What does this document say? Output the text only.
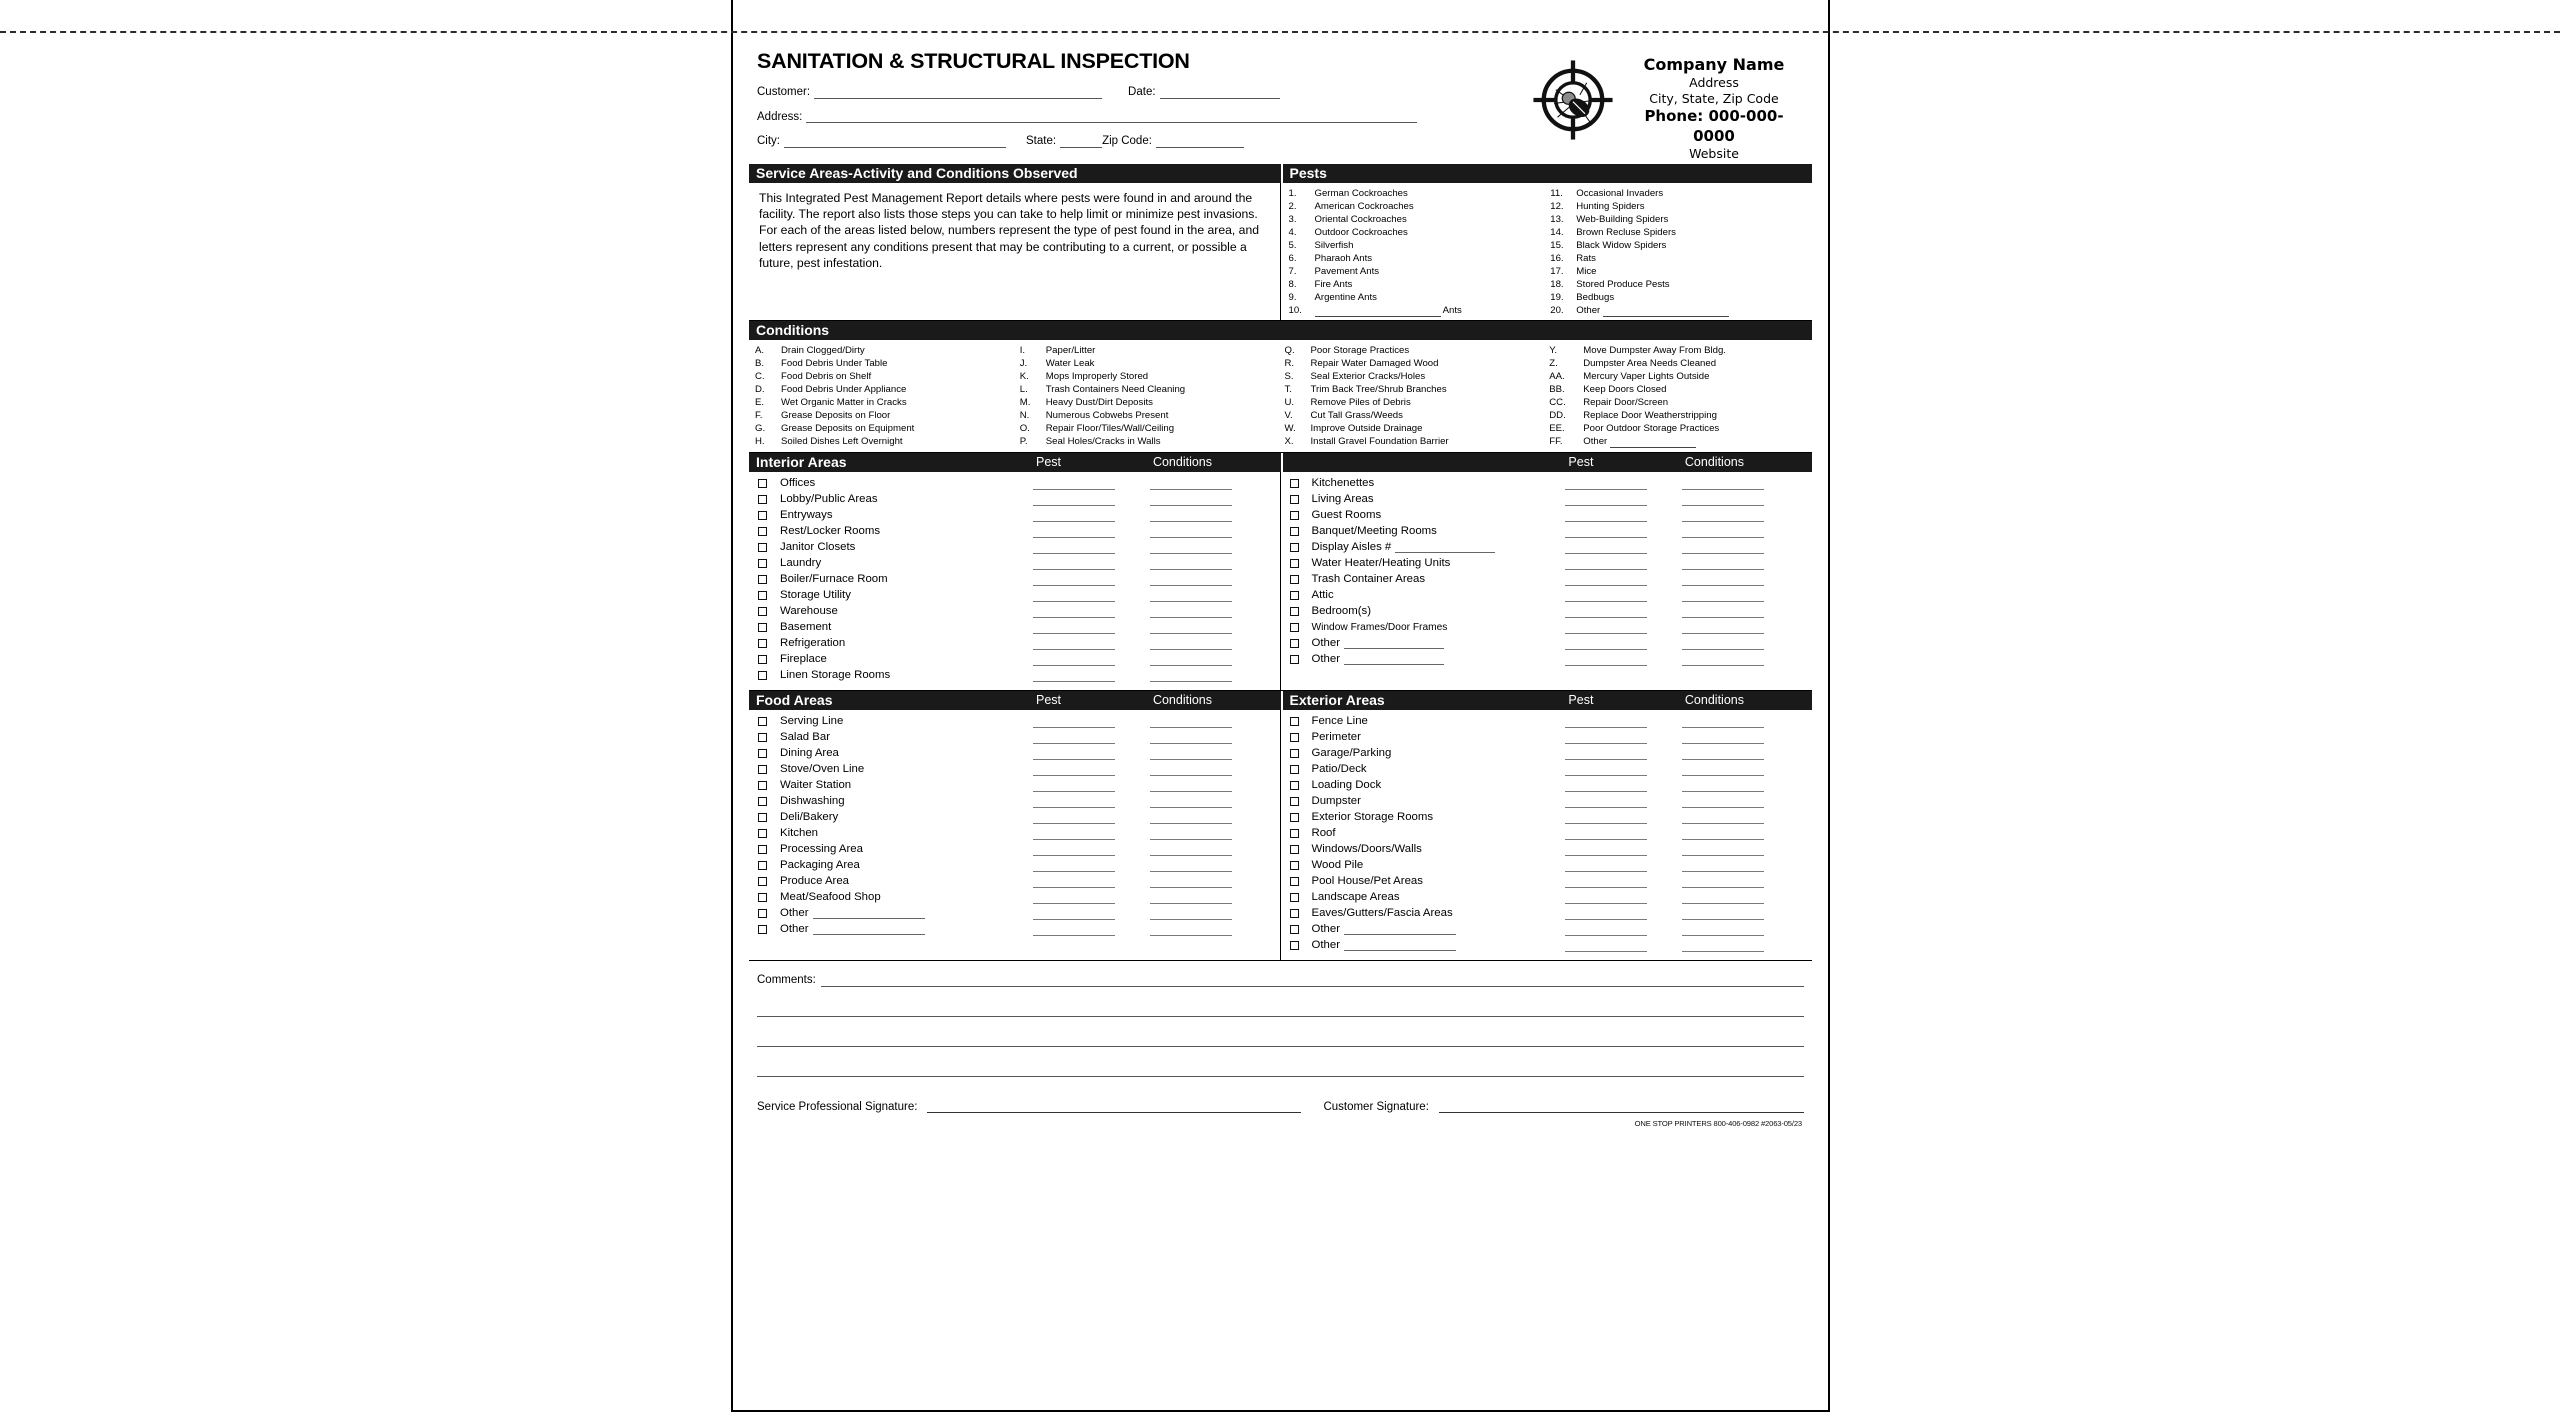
SANITATION & STRUCTURAL INSPECTION
Customer:	Date:
Address:
City:	State:	Zip Code:
Company Name
Address
City, State, Zip Code
Phone: 000-000-0000
Website
Service Areas-Activity and Conditions Observed	Pests
This Integrated Pest Management Report details where pests were found in and around the facility. The report also lists those steps you can take to help limit or minimize pest invasions. For each of the areas listed below, numbers represent the type of pest found in the area, and letters represent any conditions present that may be contributing to a current, or possible a future, pest infestation.
1.	German Cockroaches
2.	American Cockroaches
3.	Oriental Cockroaches
4.	Outdoor Cockroaches
5.	Silverfish
6.	Pharaoh Ants
7.	Pavement Ants
8.	Fire Ants
9.	Argentine Ants
10.	Ants
11.	Occasional Invaders
12.	Hunting Spiders
13.	Web-Building Spiders
14.	Brown Recluse Spiders
15.	Black Widow Spiders
16.	Rats
17.	Mice
18.	Stored Produce Pests
19.	Bedbugs
20.	Other
Conditions
A.	Drain Clogged/Dirty
B.	Food Debris Under Table
C.	Food Debris on Shelf
D.	Food Debris Under Appliance
E.	Wet Organic Matter in Cracks
F.	Grease Deposits on Floor
G.	Grease Deposits on Equipment
H.	Soiled Dishes Left Overnight
I.	Paper/Litter
J.	Water Leak
K.	Mops Improperly Stored
L.	Trash Containers Need Cleaning
M.	Heavy Dust/Dirt Deposits
N.	Numerous Cobwebs Present
O.	Repair Floor/Tiles/Wall/Ceiling
P.	Seal Holes/Cracks in Walls
Q.	Poor Storage Practices
R.	Repair Water Damaged Wood
S.	Seal Exterior Cracks/Holes
T.	Trim Back Tree/Shrub Branches
U.	Remove Piles of Debris
V.	Cut Tall Grass/Weeds
W.	Improve Outside Drainage
X.	Install Gravel Foundation Barrier
Y.	Move Dumpster Away From Bldg.
Z.	Dumpster Area Needs Cleaned
AA.	Mercury Vaper Lights Outside
BB.	Keep Doors Closed
CC.	Repair Door/Screen
DD.	Replace Door Weatherstripping
EE.	Poor Outdoor Storage Practices
FF.	Other
Interior Areas	Pest	Conditions
	Pest	Conditions
Offices
Lobby/Public Areas
Entryways
Rest/Locker Rooms
Janitor Closets
Laundry
Boiler/Furnace Room
Storage Utility
Warehouse
Basement
Refrigeration
Fireplace
Linen Storage Rooms
Kitchenettes
Living Areas
Guest Rooms
Banquet/Meeting Rooms
Display Aisles #
Water Heater/Heating Units
Trash Container Areas
Attic
Bedroom(s)
Window Frames/Door Frames
Other
Other
Food Areas	Pest	Conditions	Exterior Areas	Pest	Conditions
Serving Line
Salad Bar
Dining Area
Stove/Oven Line
Waiter Station
Dishwashing
Deli/Bakery
Kitchen
Processing Area
Packaging Area
Produce Area
Meat/Seafood Shop
Other
Other
Fence Line
Perimeter
Garage/Parking
Patio/Deck
Loading Dock
Dumpster
Exterior Storage Rooms
Roof
Windows/Doors/Walls
Wood Pile
Pool House/Pet Areas
Landscape Areas
Eaves/Gutters/Fascia Areas
Other
Other
Comments:
Service Professional Signature:	Customer Signature:
ONE STOP PRINTERS 800-406-0982 #2063-05/23
